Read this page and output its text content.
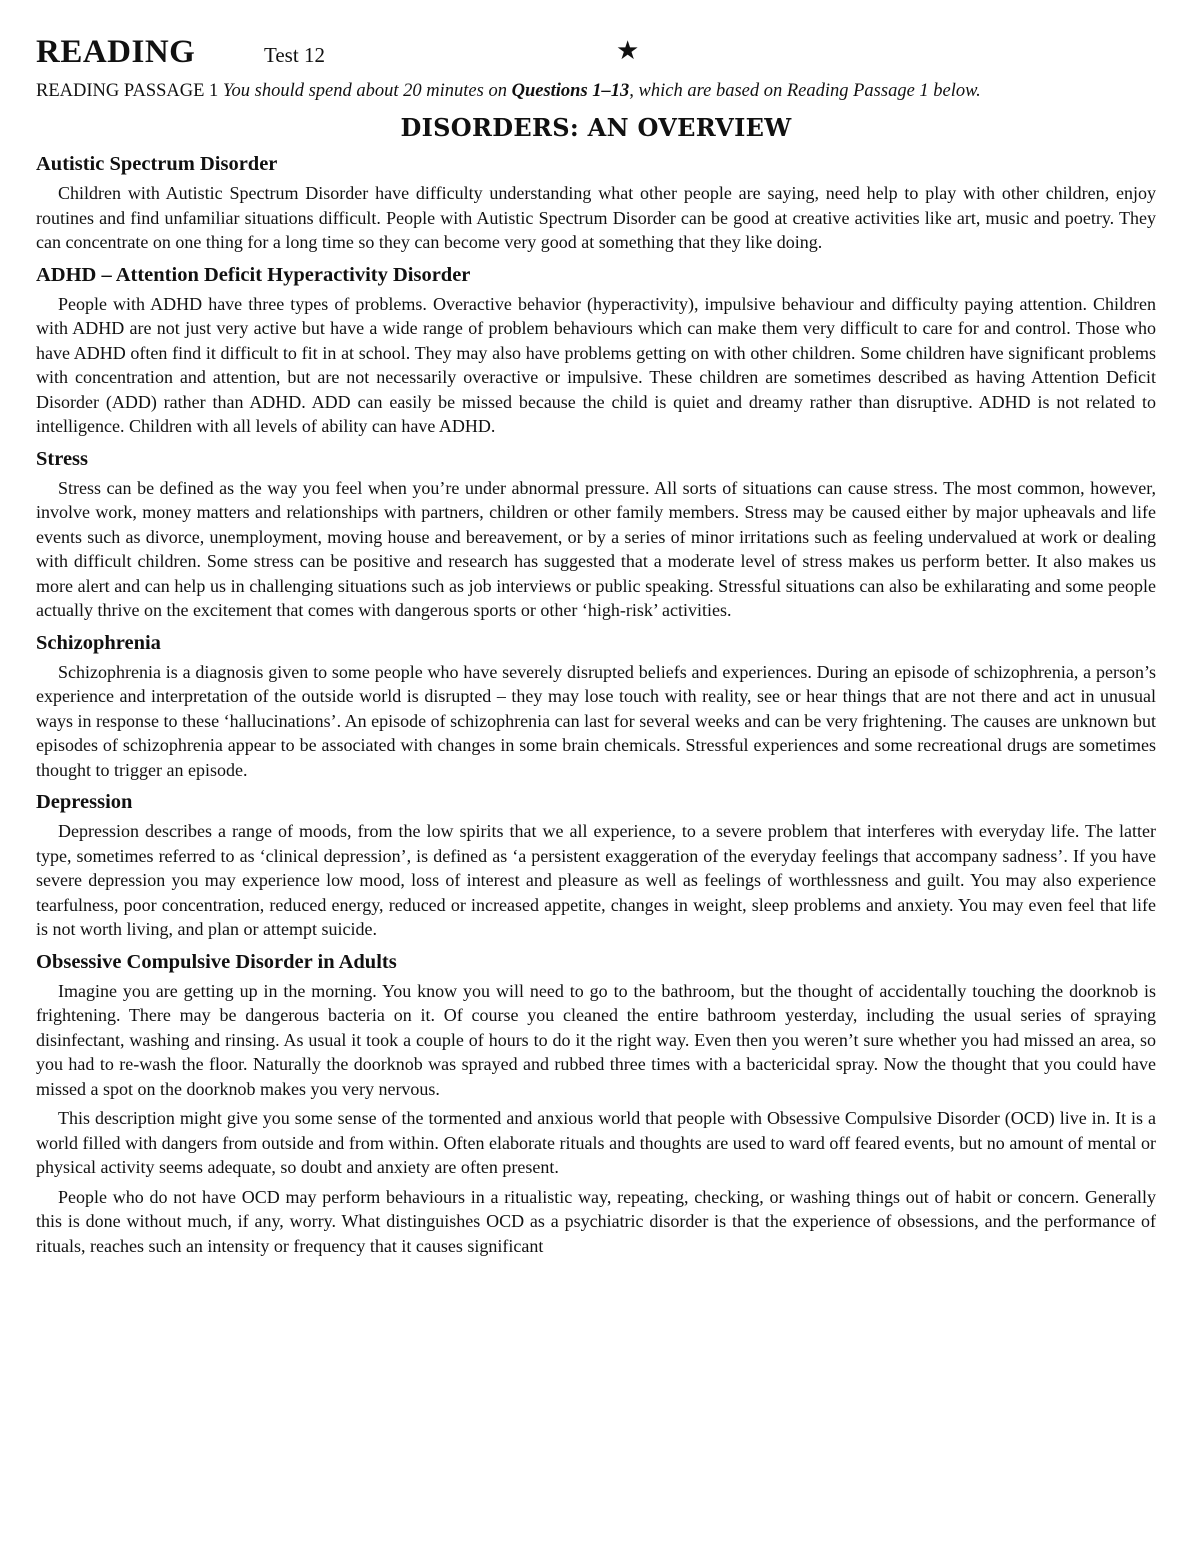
READING	Test 12	★
READING PASSAGE 1 You should spend about 20 minutes on Questions 1–13, which are based on Reading Passage 1 below.
DISORDERS: AN OVERVIEW
Autistic Spectrum Disorder

Children with Autistic Spectrum Disorder have difficulty understanding what other people are saying, need help to play with other children, enjoy routines and find unfamiliar situations difficult. People with Autistic Spectrum Disorder can be good at creative activities like art, music and poetry. They can concentrate on one thing for a long time so they can become very good at something that they like doing.

ADHD – Attention Deficit Hyperactivity Disorder

People with ADHD have three types of problems. Overactive behavior (hyperactivity), impulsive behaviour and difficulty paying attention. Children with ADHD are not just very active but have a wide range of problem behaviours which can make them very difficult to care for and control. Those who have ADHD often find it difficult to fit in at school. They may also have problems getting on with other children. Some children have significant problems with concentration and attention, but are not necessarily overactive or impulsive. These children are sometimes described as having Attention Deficit Disorder (ADD) rather than ADHD. ADD can easily be missed because the child is quiet and dreamy rather than disruptive. ADHD is not related to intelligence. Children with all levels of ability can have ADHD.

Stress

Stress can be defined as the way you feel when you’re under abnormal pressure. All sorts of situations can cause stress. The most common, however, involve work, money matters and relationships with partners, children or other family members. Stress may be caused either by major upheavals and life events such as divorce, unemployment, moving house and bereavement, or by a series of minor irritations such as feeling undervalued at work or dealing with difficult children. Some stress can be positive and research has suggested that a moderate level of stress makes us perform better. It also makes us more alert and can help us in challenging situations such as job interviews or public speaking. Stressful situations can also be exhilarating and some people actually thrive on the excitement that comes with dangerous sports or other ‘high-risk’ activities.

Schizophrenia

Schizophrenia is a diagnosis given to some people who have severely disrupted beliefs and experiences. During an episode of schizophrenia, a person’s experience and interpretation of the outside world is disrupted – they may lose touch with reality, see or hear things that are not there and act in unusual ways in response to these ‘hallucinations’. An episode of schizophrenia can last for several weeks and can be very frightening. The causes are unknown but episodes of schizophrenia appear to be associated with changes in some brain chemicals. Stressful experiences and some recreational drugs are sometimes thought to trigger an episode.

Depression

Depression describes a range of moods, from the low spirits that we all experience, to a severe problem that interferes with everyday life. The latter type, sometimes referred to as ‘clinical depression’, is defined as ‘a persistent exaggeration of the everyday feelings that accompany sadness’. If you have severe depression you may experience low mood, loss of interest and pleasure as well as feelings of worthlessness and guilt. You may also experience tearfulness, poor concentration, reduced energy, reduced or increased appetite, changes in weight, sleep problems and anxiety. You may even feel that life is not worth living, and plan or attempt suicide.

Obsessive Compulsive Disorder in Adults

Imagine you are getting up in the morning. You know you will need to go to the bathroom, but the thought of accidentally touching the doorknob is frightening. There may be dangerous bacteria on it. Of course you cleaned the entire bathroom yesterday, including the usual series of spraying disinfectant, washing and rinsing. As usual it took a couple of hours to do it the right way. Even then you weren’t sure whether you had missed an area, so you had to re-wash the floor. Naturally the doorknob was sprayed and rubbed three times with a bactericidal spray. Now the thought that you could have missed a spot on the doorknob makes you very nervous.

This description might give you some sense of the tormented and anxious world that people with Obsessive Compulsive Disorder (OCD) live in. It is a world filled with dangers from outside and from within. Often elaborate rituals and thoughts are used to ward off feared events, but no amount of mental or physical activity seems adequate, so doubt and anxiety are often present.

People who do not have OCD may perform behaviours in a ritualistic way, repeating, checking, or washing things out of habit or concern. Generally this is done without much, if any, worry. What distinguishes OCD as a psychiatric disorder is that the experience of obsessions, and the performance of rituals, reaches such an intensity or frequency that it causes significant
